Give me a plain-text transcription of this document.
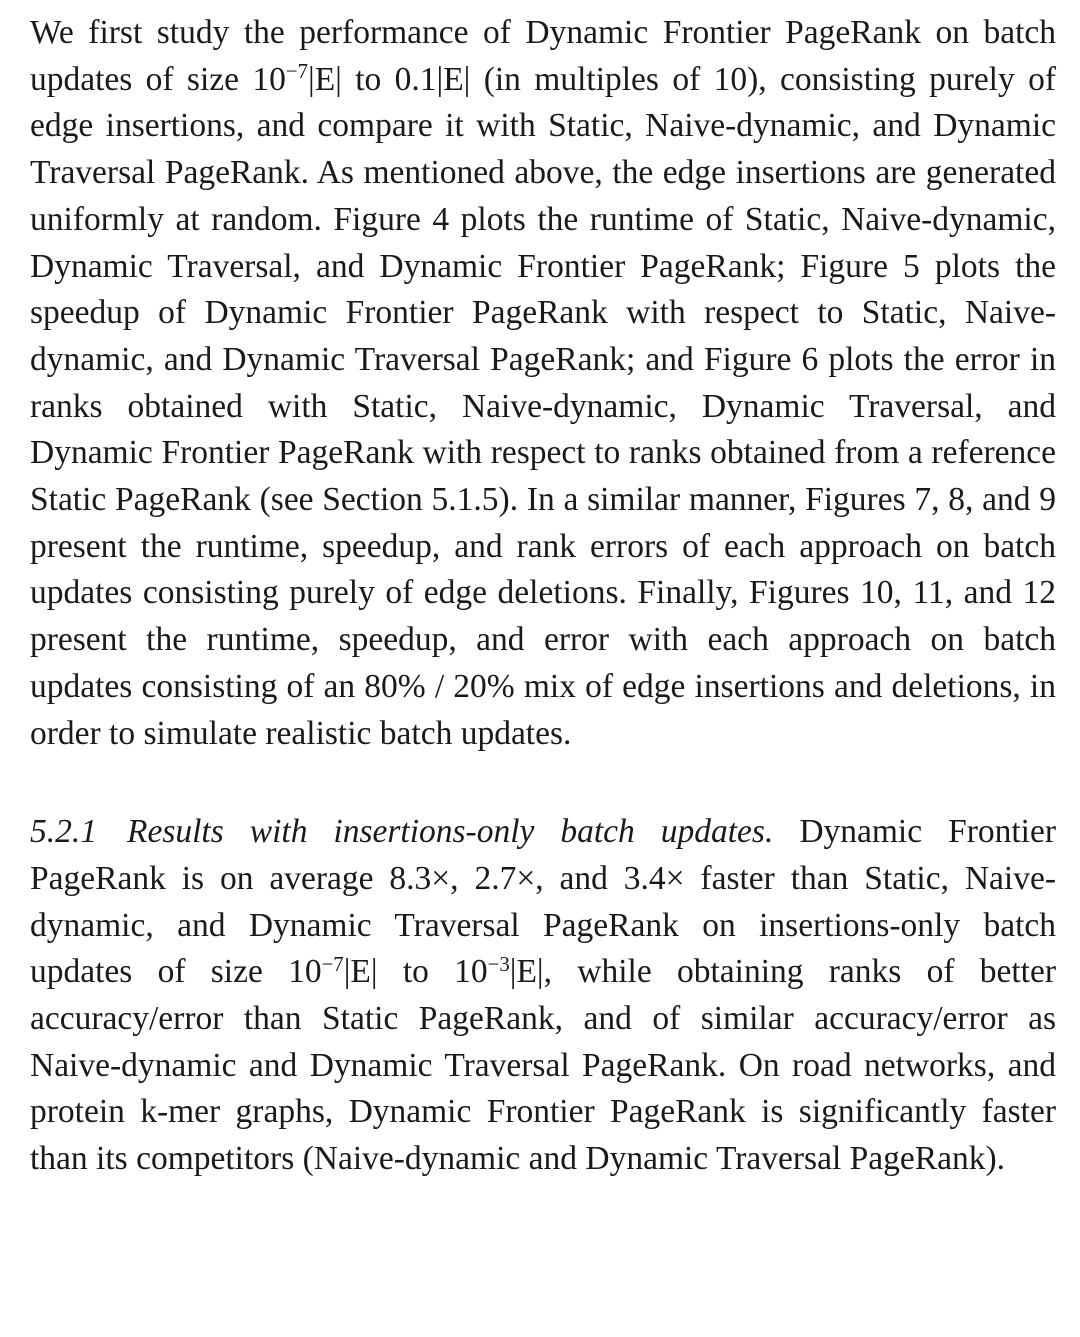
We first study the performance of Dynamic Frontier PageRank on batch updates of size $10^{-7}|E|$ to 0.1|E| (in multiples of 10), consisting purely of edge insertions, and compare it with Static, Naive-dynamic, and Dynamic Traversal PageRank. As mentioned above, the edge insertions are generated uniformly at random. Figure 4 plots the runtime of Static, Naive-dynamic, Dynamic Traversal, and Dynamic Frontier PageRank; Figure 5 plots the speedup of Dynamic Frontier PageRank with respect to Static, Naive-dynamic, and Dynamic Traversal PageRank; and Figure 6 plots the error in ranks obtained with Static, Naive-dynamic, Dynamic Traversal, and Dynamic Frontier PageRank with respect to ranks obtained from a reference Static PageRank (see Section 5.1.5). In a similar manner, Figures 7, 8, and 9 present the runtime, speedup, and rank errors of each approach on batch updates consisting purely of edge deletions. Finally, Figures 10, 11, and 12 present the runtime, speedup, and error with each approach on batch updates consisting of an 80% / 20% mix of edge insertions and deletions, in order to simulate realistic batch updates.

5.2.1 Results with insertions-only batch updates. Dynamic Frontier PageRank is on average 8.3×, 2.7×, and 3.4× faster than Static, Naive-dynamic, and Dynamic Traversal PageRank on insertions-only batch updates of size $10^{-7}|E|$ to $10^{-3}|E|$, while obtaining ranks of better accuracy/error than Static PageRank, and of similar accuracy/error as Naive-dynamic and Dynamic Traversal PageRank. On road networks, and protein k-mer graphs, Dynamic Frontier PageRank is significantly faster than its competitors (Naive-dynamic and Dynamic Traversal PageRank).
